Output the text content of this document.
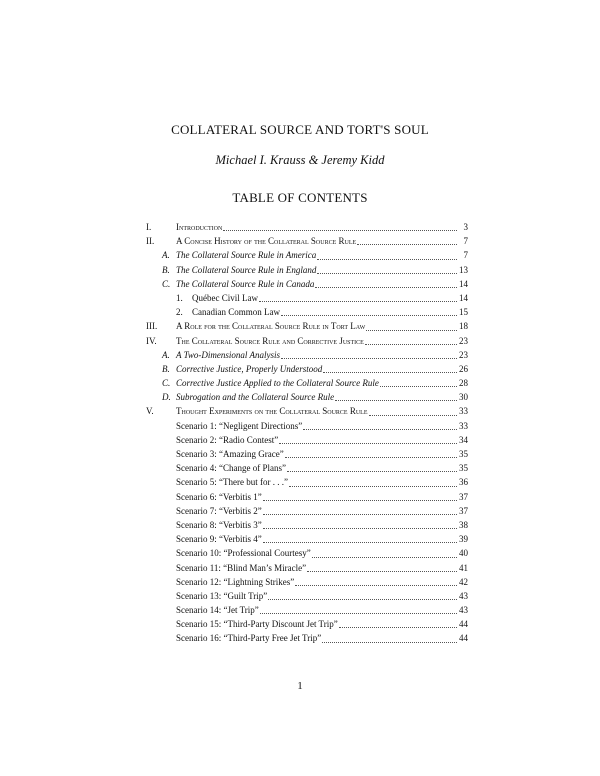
COLLATERAL SOURCE AND TORT'S SOUL
Michael I. Krauss & Jeremy Kidd
TABLE OF CONTENTS
I.	Introduction	3
II.	A Concise History of the Collateral Source Rule	7
A. The Collateral Source Rule in America	7
B. The Collateral Source Rule in England	13
C. The Collateral Source Rule in Canada	14
1.	Québec Civil Law	14
2.	Canadian Common Law	15
III.	A Role for the Collateral Source Rule in Tort Law	18
IV.	The Collateral Source Rule and Corrective Justice	23
A. A Two-Dimensional Analysis	23
B. Corrective Justice, Properly Understood	26
C. Corrective Justice Applied to the Collateral Source Rule	28
D. Subrogation and the Collateral Source Rule	30
V.	Thought Experiments on the Collateral Source Rule	33
Scenario 1: “Negligent Directions”	33
Scenario 2: “Radio Contest”	34
Scenario 3: “Amazing Grace”	35
Scenario 4: “Change of Plans”	35
Scenario 5: “There but for . . .”	36
Scenario 6: “Verbitis 1”	37
Scenario 7: “Verbitis 2”	37
Scenario 8: “Verbitis 3”	38
Scenario 9: “Verbitis 4”	39
Scenario 10: “Professional Courtesy”	40
Scenario 11: “Blind Man’s Miracle”	41
Scenario 12: “Lightning Strikes”	42
Scenario 13: “Guilt Trip”	43
Scenario 14: “Jet Trip”	43
Scenario 15: “Third-Party Discount Jet Trip”	44
Scenario 16: “Third-Party Free Jet Trip”	44
1
